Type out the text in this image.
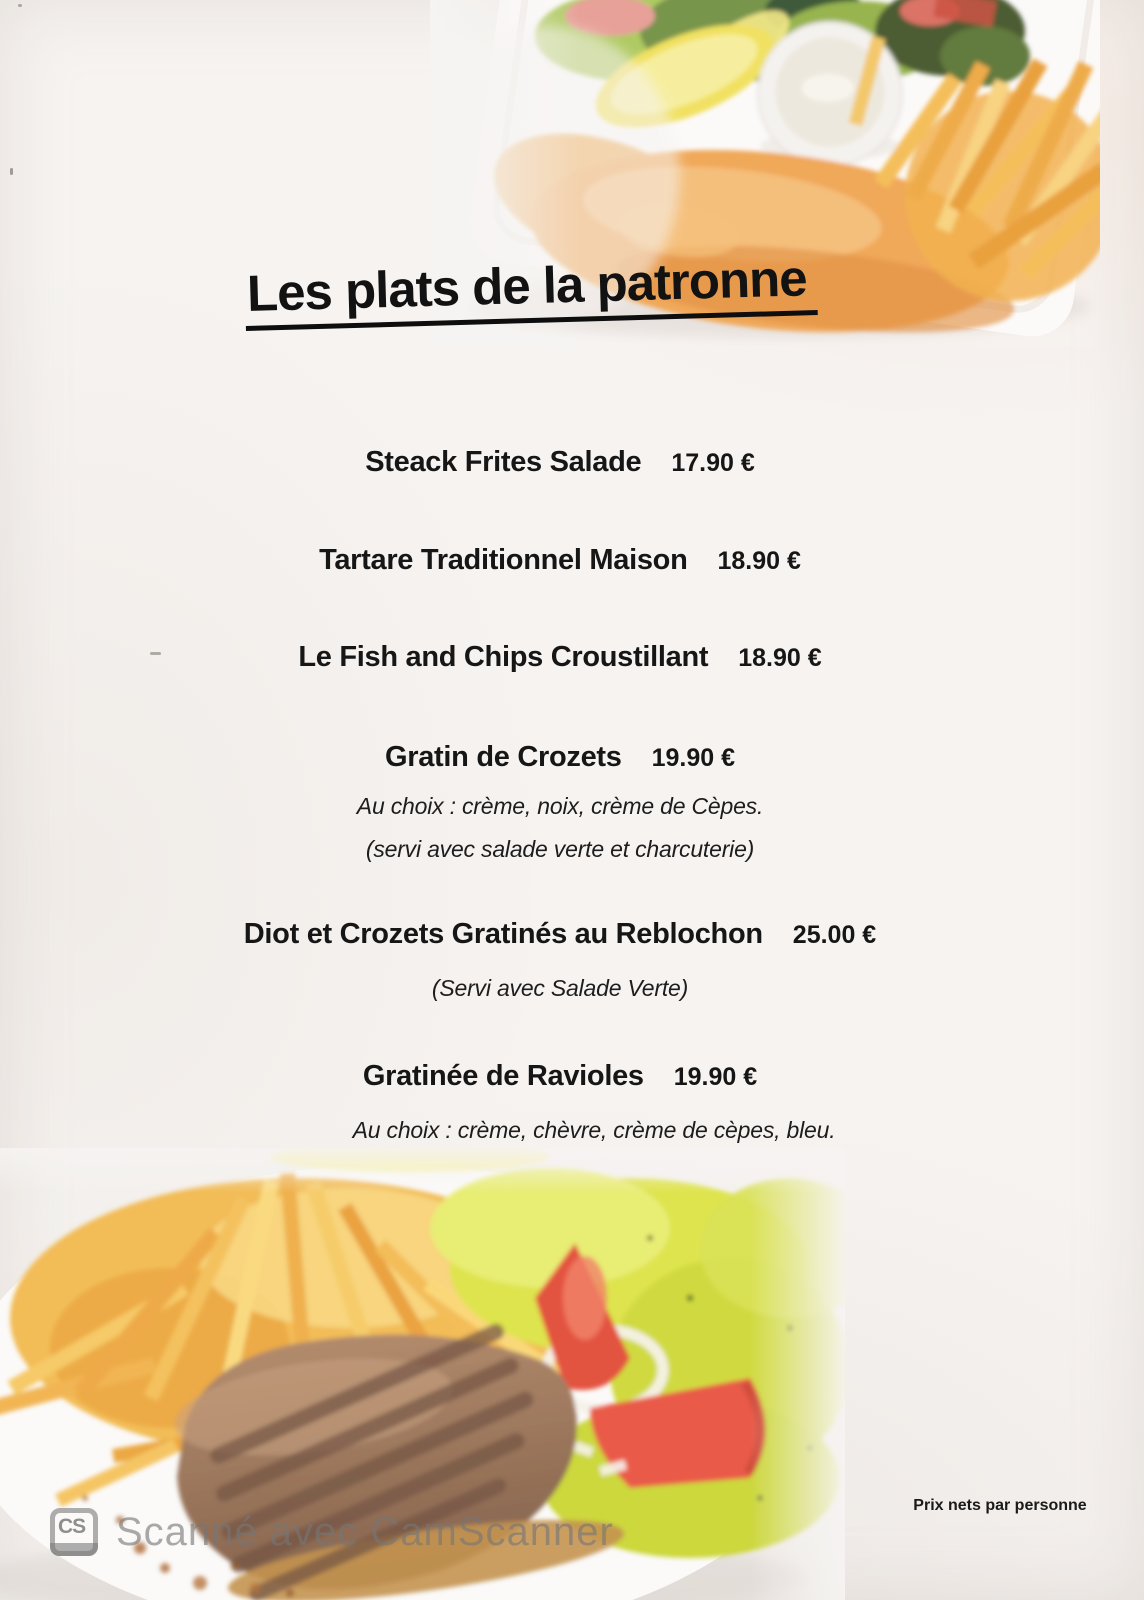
Les plats de la patronne
Steack Frites Salade 17.90 €
Tartare Traditionnel Maison 18.90 €
Le Fish and Chips Croustillant 18.90 €
Gratin de Crozets 19.90 €
Au choix : crème, noix, crème de Cèpes.
(servi avec salade verte et charcuterie)
Diot et Crozets Gratinés au Reblochon 25.00 €
(Servi avec Salade Verte)
Gratinée de Ravioles 19.90 €
Au choix : crème, chèvre, crème de cèpes, bleu.
Prix nets par personne
CS Scanné avec CamScanner
